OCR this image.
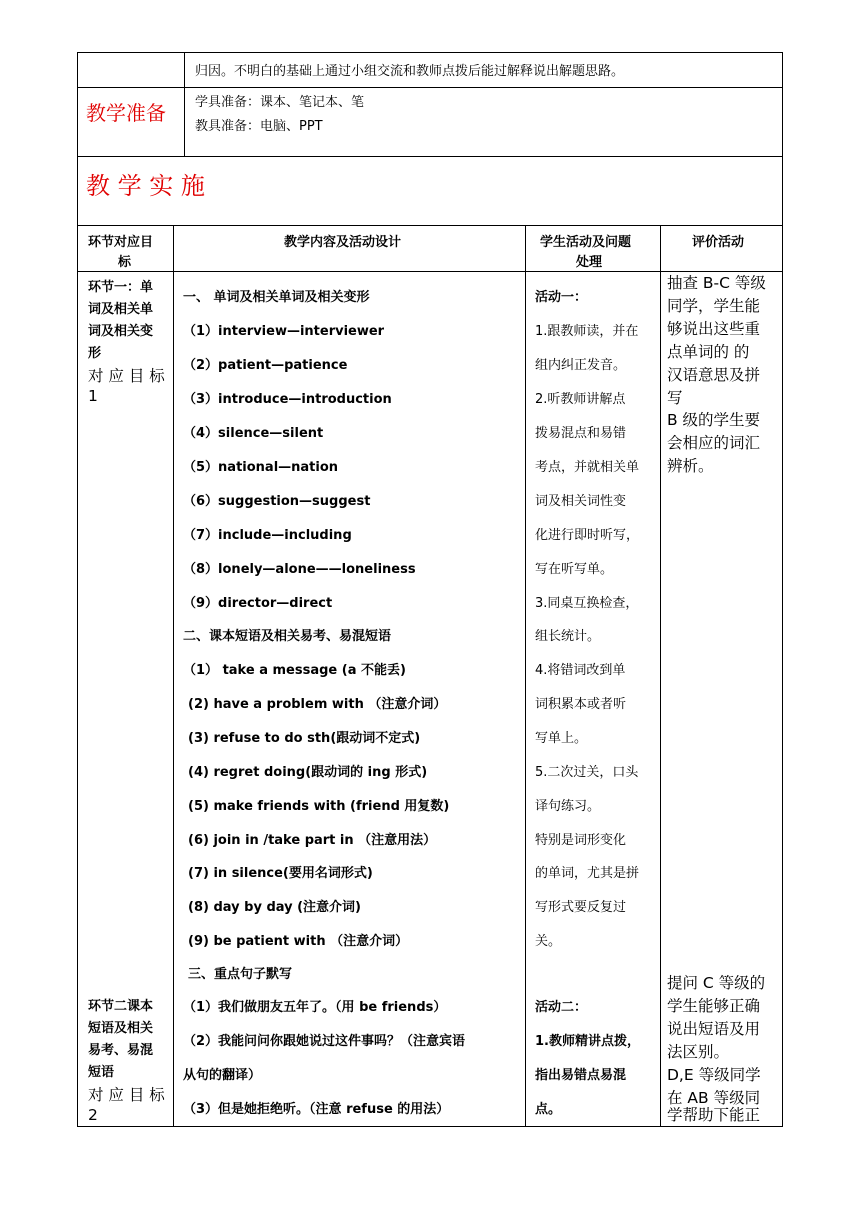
归因。不明白的基础上通过小组交流和教师点拨后能过解释说出解题思路。
教学准备 学具准备：课本、笔记本、笔
教具准备：电脑、PPT
教 学 实 施
环节对应目
标
教学内容及活动设计	学生活动及问题
处理
评价活动
环节一：单
词及相关单
词及相关变
形
对 应 目 标
1
环节二课本
短语及相关
易考、易混
短语
对 应 目 标
2
一、 单词及相关单词及相关变形
（1）interview—interviewer
（2）patient—patience
（3）introduce—introduction
（4）silence—silent
（5）national—nation
（6）suggestion—suggest
（7）include—including
（8）lonely—alone——loneliness
（9）director—direct
二、课本短语及相关易考、易混短语
（1） take a message (a 不能丢)
(2) have a problem with （注意介词）
(3) refuse to do sth(跟动词不定式)
(4) regret doing(跟动词的 ing 形式)
(5) make friends with (friend 用复数)
(6) join in /take part in （注意用法）
(7) in silence(要用名词形式)
(8) day by day (注意介词)
(9) be patient with （注意介词）
三、重点句子默写
（1）我们做朋友五年了。（用 be friends）
（2）我能问问你跟她说过这件事吗？（注意宾语
从句的翻译）
（3）但是她拒绝听。（注意 refuse 的用法）
活动一：
1.跟教师读，并在
组内纠正发音。
2.听教师讲解点
拨易混点和易错
考点，并就相关单
词及相关词性变
化进行即时听写，
写在听写单。
3.同桌互换检查，
组长统计。
4.将错词改到单
词积累本或者听
写单上。
5.二次过关，口头
译句练习。
特别是词形变化
的单词，尤其是拼
写形式要反复过
关。
活动二：
1.教师精讲点拨，
指出易错点易混
点。
抽查 B-C 等级
同学，学生能
够说出这些重
点单词的 的
汉语意思及拼
写
B 级的学生要
会相应的词汇
辨析。
提问 C 等级的
学生能够正确
说出短语及用
法区别。
D,E 等级同学
在 AB 等级同
学帮助下能正
